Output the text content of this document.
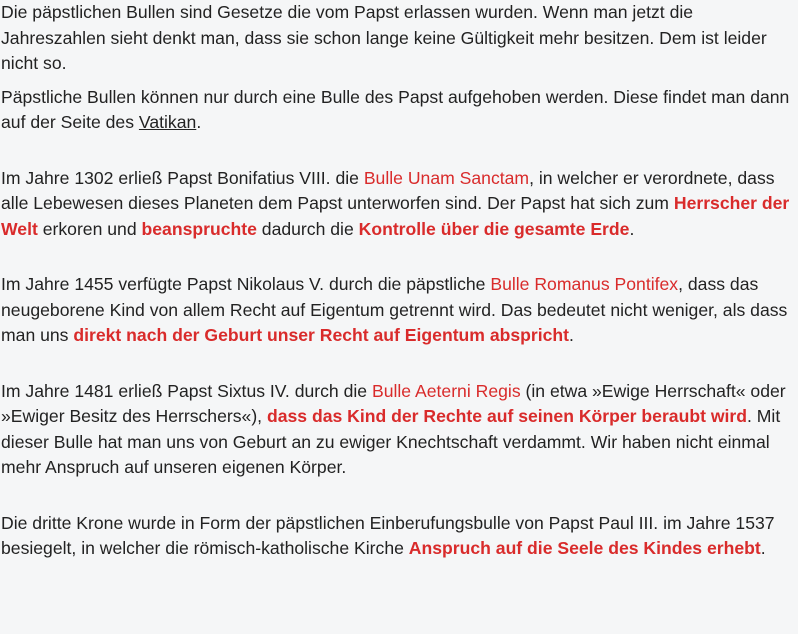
Die päpstlichen Bullen sind Gesetze die vom Papst erlassen wurden. Wenn man jetzt die Jahreszahlen sieht denkt man, dass sie schon lange keine Gültigkeit mehr besitzen. Dem ist leider nicht so.

Päpstliche Bullen können nur durch eine Bulle des Papst aufgehoben werden. Diese findet man dann auf der Seite des Vatikan.

Im Jahre 1302 erließ Papst Bonifatius VIII. die Bulle Unam Sanctam, in welcher er verordnete, dass alle Lebewesen dieses Planeten dem Papst unterworfen sind. Der Papst hat sich zum Herrscher der Welt erkoren und beanspruchte dadurch die Kontrolle über die gesamte Erde.

Im Jahre 1455 verfügte Papst Nikolaus V. durch die päpstliche Bulle Romanus Pontifex, dass das neugeborene Kind von allem Recht auf Eigentum getrennt wird. Das bedeutet nicht weniger, als dass man uns direkt nach der Geburt unser Recht auf Eigentum abspricht.

Im Jahre 1481 erließ Papst Sixtus IV. durch die Bulle Aeterni Regis (in etwa »Ewige Herrschaft« oder »Ewiger Besitz des Herrschers«), dass das Kind der Rechte auf seinen Körper beraubt wird. Mit dieser Bulle hat man uns von Geburt an zu ewiger Knechtschaft verdammt. Wir haben nicht einmal mehr Anspruch auf unseren eigenen Körper.

Die dritte Krone wurde in Form der päpstlichen Einberufungsbulle von Papst Paul III. im Jahre 1537 besiegelt, in welcher die römisch-katholische Kirche Anspruch auf die Seele des Kindes erhebt.
